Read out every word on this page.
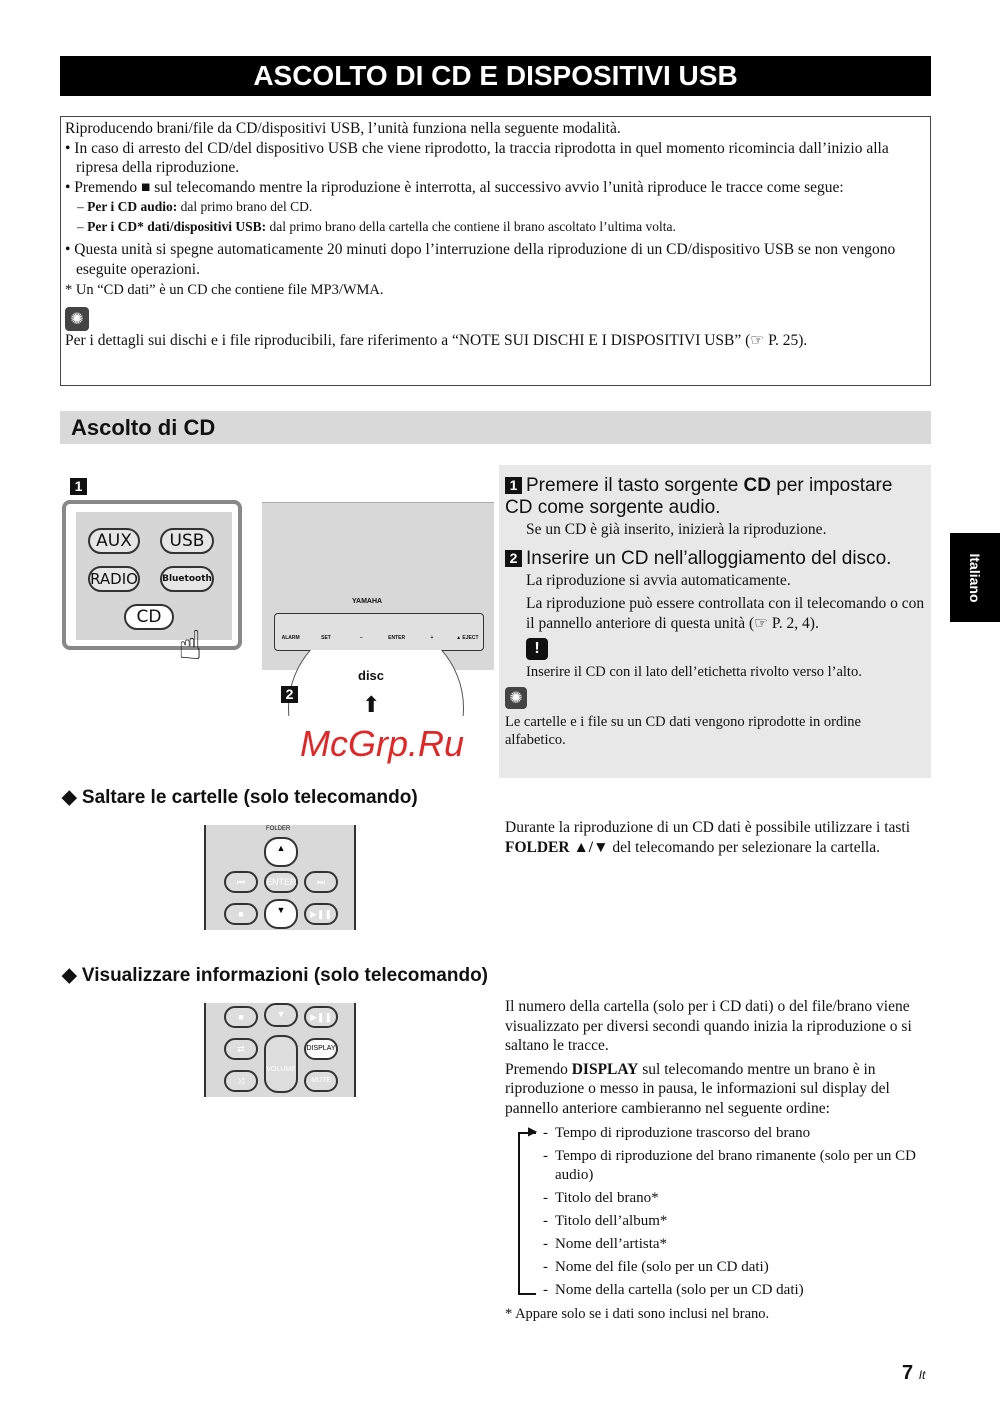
ASCOLTO DI CD E DISPOSITIVI USB

Riproducendo brani/file da CD/dispositivi USB, l’unità funziona nella seguente modalità.

• In caso di arresto del CD/del dispositivo USB che viene riprodotto, la traccia riprodotta in quel momento ricomincia dall’inizio alla ripresa della riproduzione.

• Premendo ■ sul telecomando mentre la riproduzione è interrotta, al successivo avvio l’unità riproduce le tracce come segue:

– Per i CD audio: dal primo brano del CD.

– Per i CD* dati/dispositivi USB: dal primo brano della cartella che contiene il brano ascoltato l’ultima volta.

• Questa unità si spegne automaticamente 20 minuti dopo l’interruzione della riproduzione di un CD/dispositivo USB se non vengono eseguite operazioni.

* Un “CD dati” è un CD che contiene file MP3/WMA.

✺

Per i dettagli sui dischi e i file riproducibili, fare riferimento a “NOTE SUI DISCHI E I DISPOSITIVI USB” (☞ P. 25).

Ascolto di CD
1
AUX	USB
RADIO	Bluetooth
CD
☝
YAMAHA
ALARM	SET	−	ENTER	+	▲ EJECT
disc
⬆
2
1 Premere il tasto sorgente CD per impostare CD come sorgente audio.

Se un CD è già inserito, inizierà la riproduzione.

2 Inserire un CD nell’alloggiamento del disco.

La riproduzione si avvia automaticamente.

La riproduzione può essere controllata con il telecomando o con il pannello anteriore di questa unità (☞ P. 2, 4).

!

Inserire il CD con il lato dell’etichetta rivolto verso l’alto.

✺

Le cartelle e i file su un CD dati vengono riprodotte in ordine alfabetico.

McGrp.Ru
◆ Saltare le cartelle (solo telecomando)
FOLDER
▲
⏮	ENTER	⏭
■	▼	▶❚❚

Durante la riproduzione di un CD dati è possibile utilizzare i tasti FOLDER ▲/▼ del telecomando per selezionare la cartella.

◆ Visualizzare informazioni (solo telecomando)
■	▼	▶❚❚
⇄
VOLUME
DISPLAY
⤨	MUTE

Il numero della cartella (solo per i CD dati) o del file/brano viene visualizzato per diversi secondi quando inizia la riproduzione o si saltano le tracce.

Premendo DISPLAY sul telecomando mentre un brano è in riproduzione o messo in pausa, le informazioni sul display del pannello anteriore cambieranno nel seguente ordine:

▶	- Tempo di riproduzione trascorso del brano
- Tempo di riproduzione del brano rimanente (solo per un CD audio)
- Titolo del brano*
- Titolo dell’album*
- Nome dell’artista*
- Nome del file (solo per un CD dati)
- Nome della cartella (solo per un CD dati)

* Appare solo se i dati sono inclusi nel brano.

Italiano
7 It
